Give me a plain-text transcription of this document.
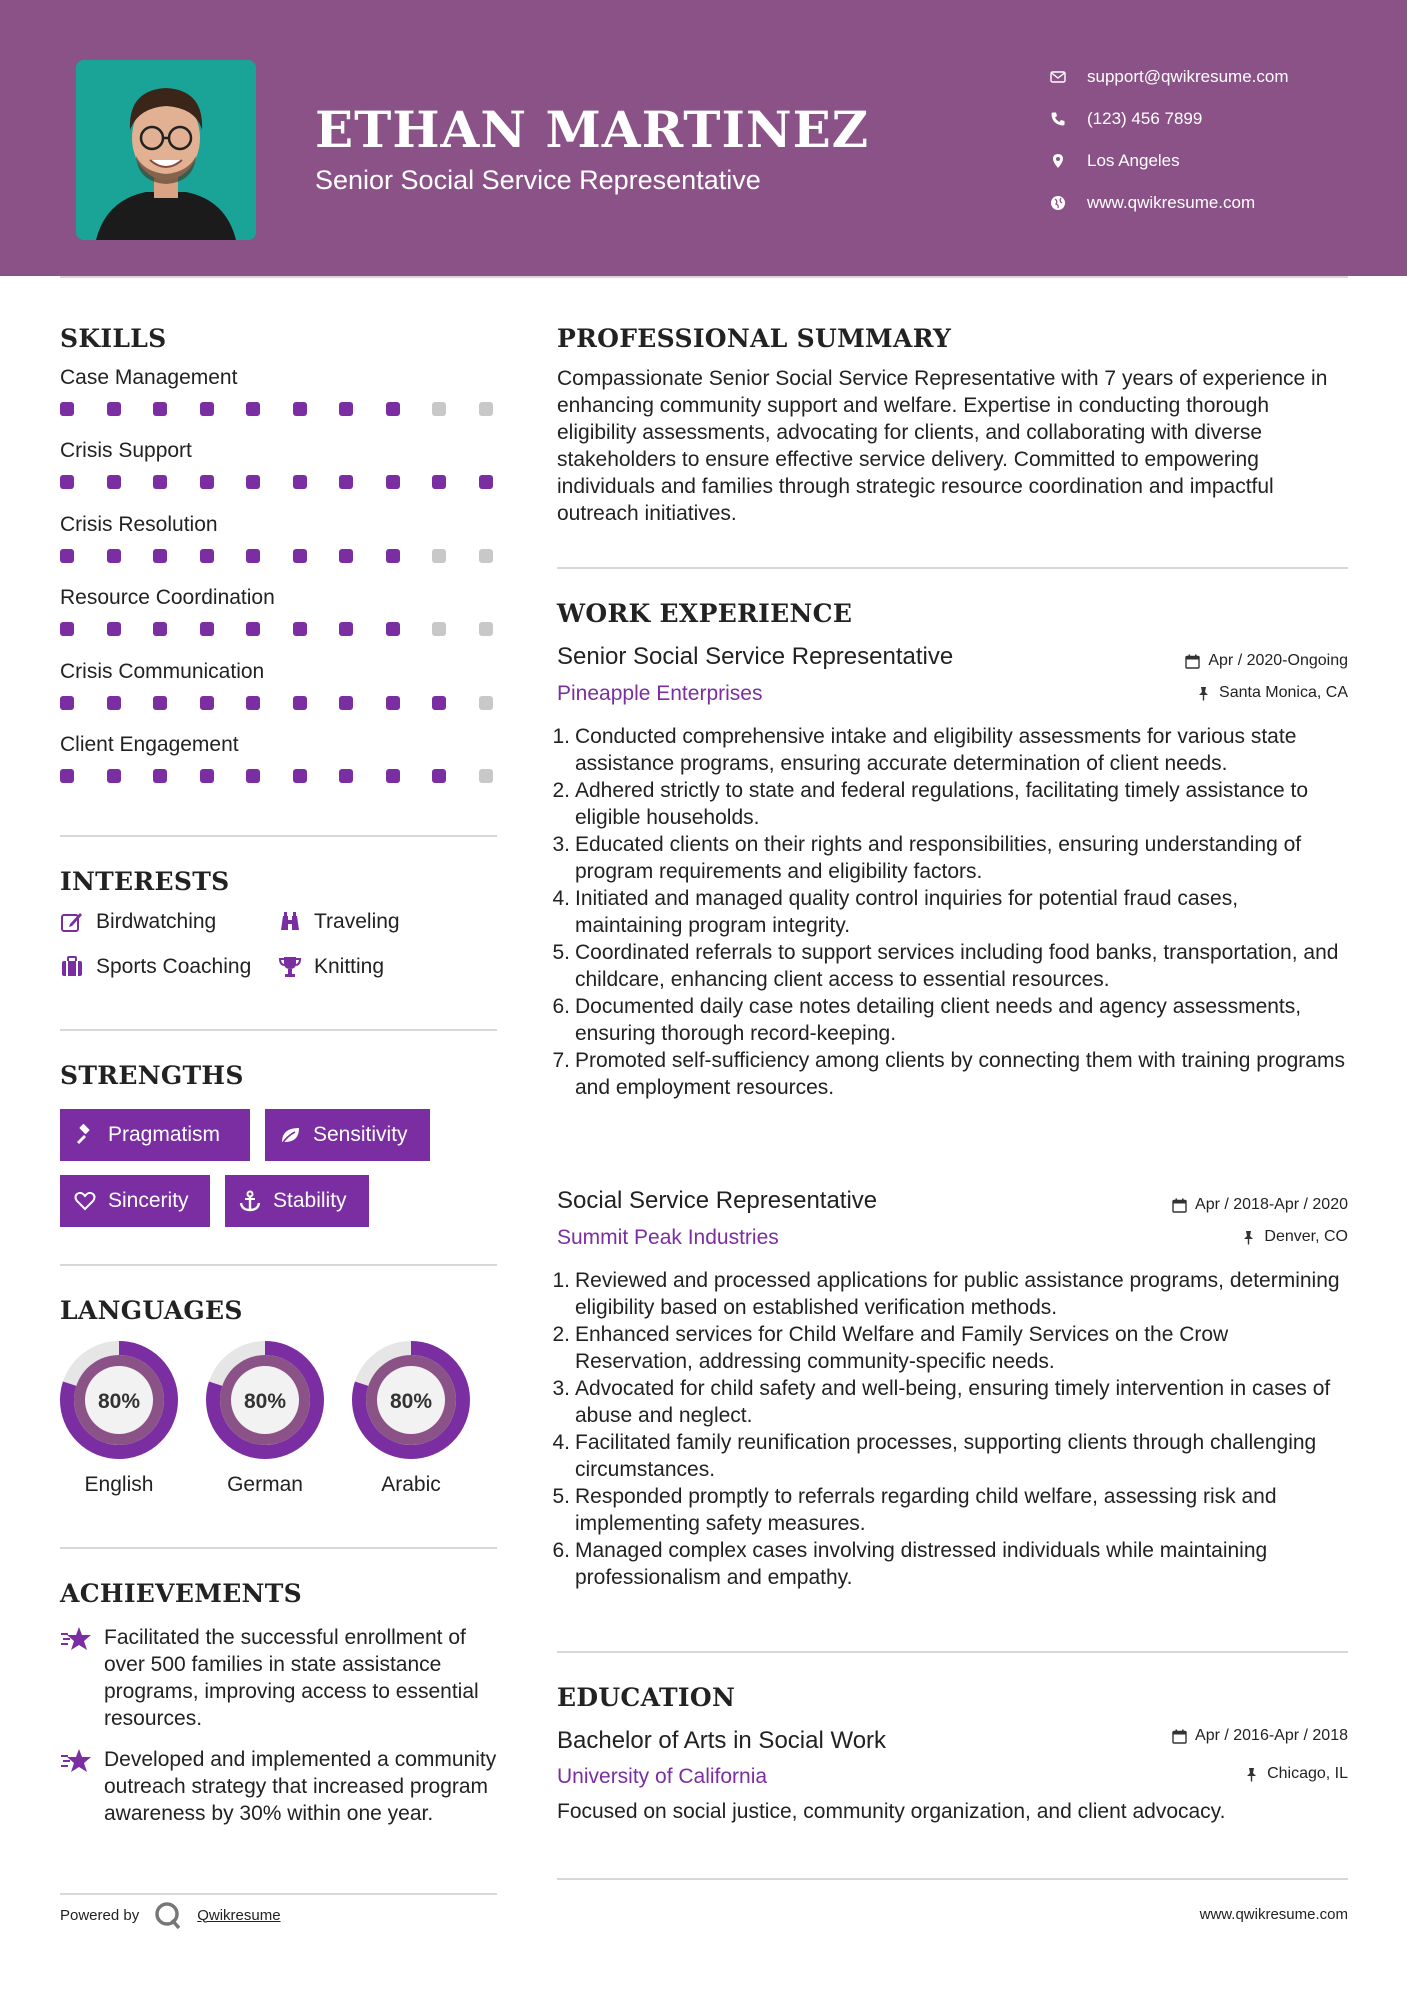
ETHAN MARTINEZ
Senior Social Service Representative
support@qwikresume.com
(123) 456 7899
Los Angeles
www.qwikresume.com
SKILLS
Case Management
Crisis Support
Crisis Resolution
Resource Coordination
Crisis Communication
Client Engagement
INTERESTS
Birdwatching	Traveling
Sports Coaching	Knitting
STRENGTHS
Pragmatism	Sensitivity
Sincerity	Stability
LANGUAGES
80%
English
80%
German
80%
Arabic
ACHIEVEMENTS

Facilitated the successful enrollment of over 500 families in state assistance programs, improving access to essential resources.

Developed and implemented a community outreach strategy that increased program awareness by 30% within one year.

Powered by	Qwikresume	www.qwikresume.com
PROFESSIONAL SUMMARY
Compassionate Senior Social Service Representative with 7 years of experience in enhancing community support and welfare. Expertise in conducting thorough eligibility assessments, advocating for clients, and collaborating with diverse stakeholders to ensure effective service delivery. Committed to empowering individuals and families through strategic resource coordination and impactful outreach initiatives.
WORK EXPERIENCE
Senior Social Service Representative	Apr / 2020-Ongoing
Pineapple Enterprises	Santa Monica, CA
1. Conducted comprehensive intake and eligibility assessments for various state assistance programs, ensuring accurate determination of client needs.
2. Adhered strictly to state and federal regulations, facilitating timely assistance to eligible households.
3. Educated clients on their rights and responsibilities, ensuring understanding of program requirements and eligibility factors.
4. Initiated and managed quality control inquiries for potential fraud cases, maintaining program integrity.
5. Coordinated referrals to support services including food banks, transportation, and childcare, enhancing client access to essential resources.
6. Documented daily case notes detailing client needs and agency assessments, ensuring thorough record-keeping.
7. Promoted self-sufficiency among clients by connecting them with training programs and employment resources.
Social Service Representative	Apr / 2018-Apr / 2020
Summit Peak Industries	Denver, CO
1. Reviewed and processed applications for public assistance programs, determining eligibility based on established verification methods.
2. Enhanced services for Child Welfare and Family Services on the Crow Reservation, addressing community-specific needs.
3. Advocated for child safety and well-being, ensuring timely intervention in cases of abuse and neglect.
4. Facilitated family reunification processes, supporting clients through challenging circumstances.
5. Responded promptly to referrals regarding child welfare, assessing risk and implementing safety measures.
6. Managed complex cases involving distressed individuals while maintaining professionalism and empathy.
EDUCATION
Bachelor of Arts in Social Work	Apr / 2016-Apr / 2018
University of California	Chicago, IL
Focused on social justice, community organization, and client advocacy.
